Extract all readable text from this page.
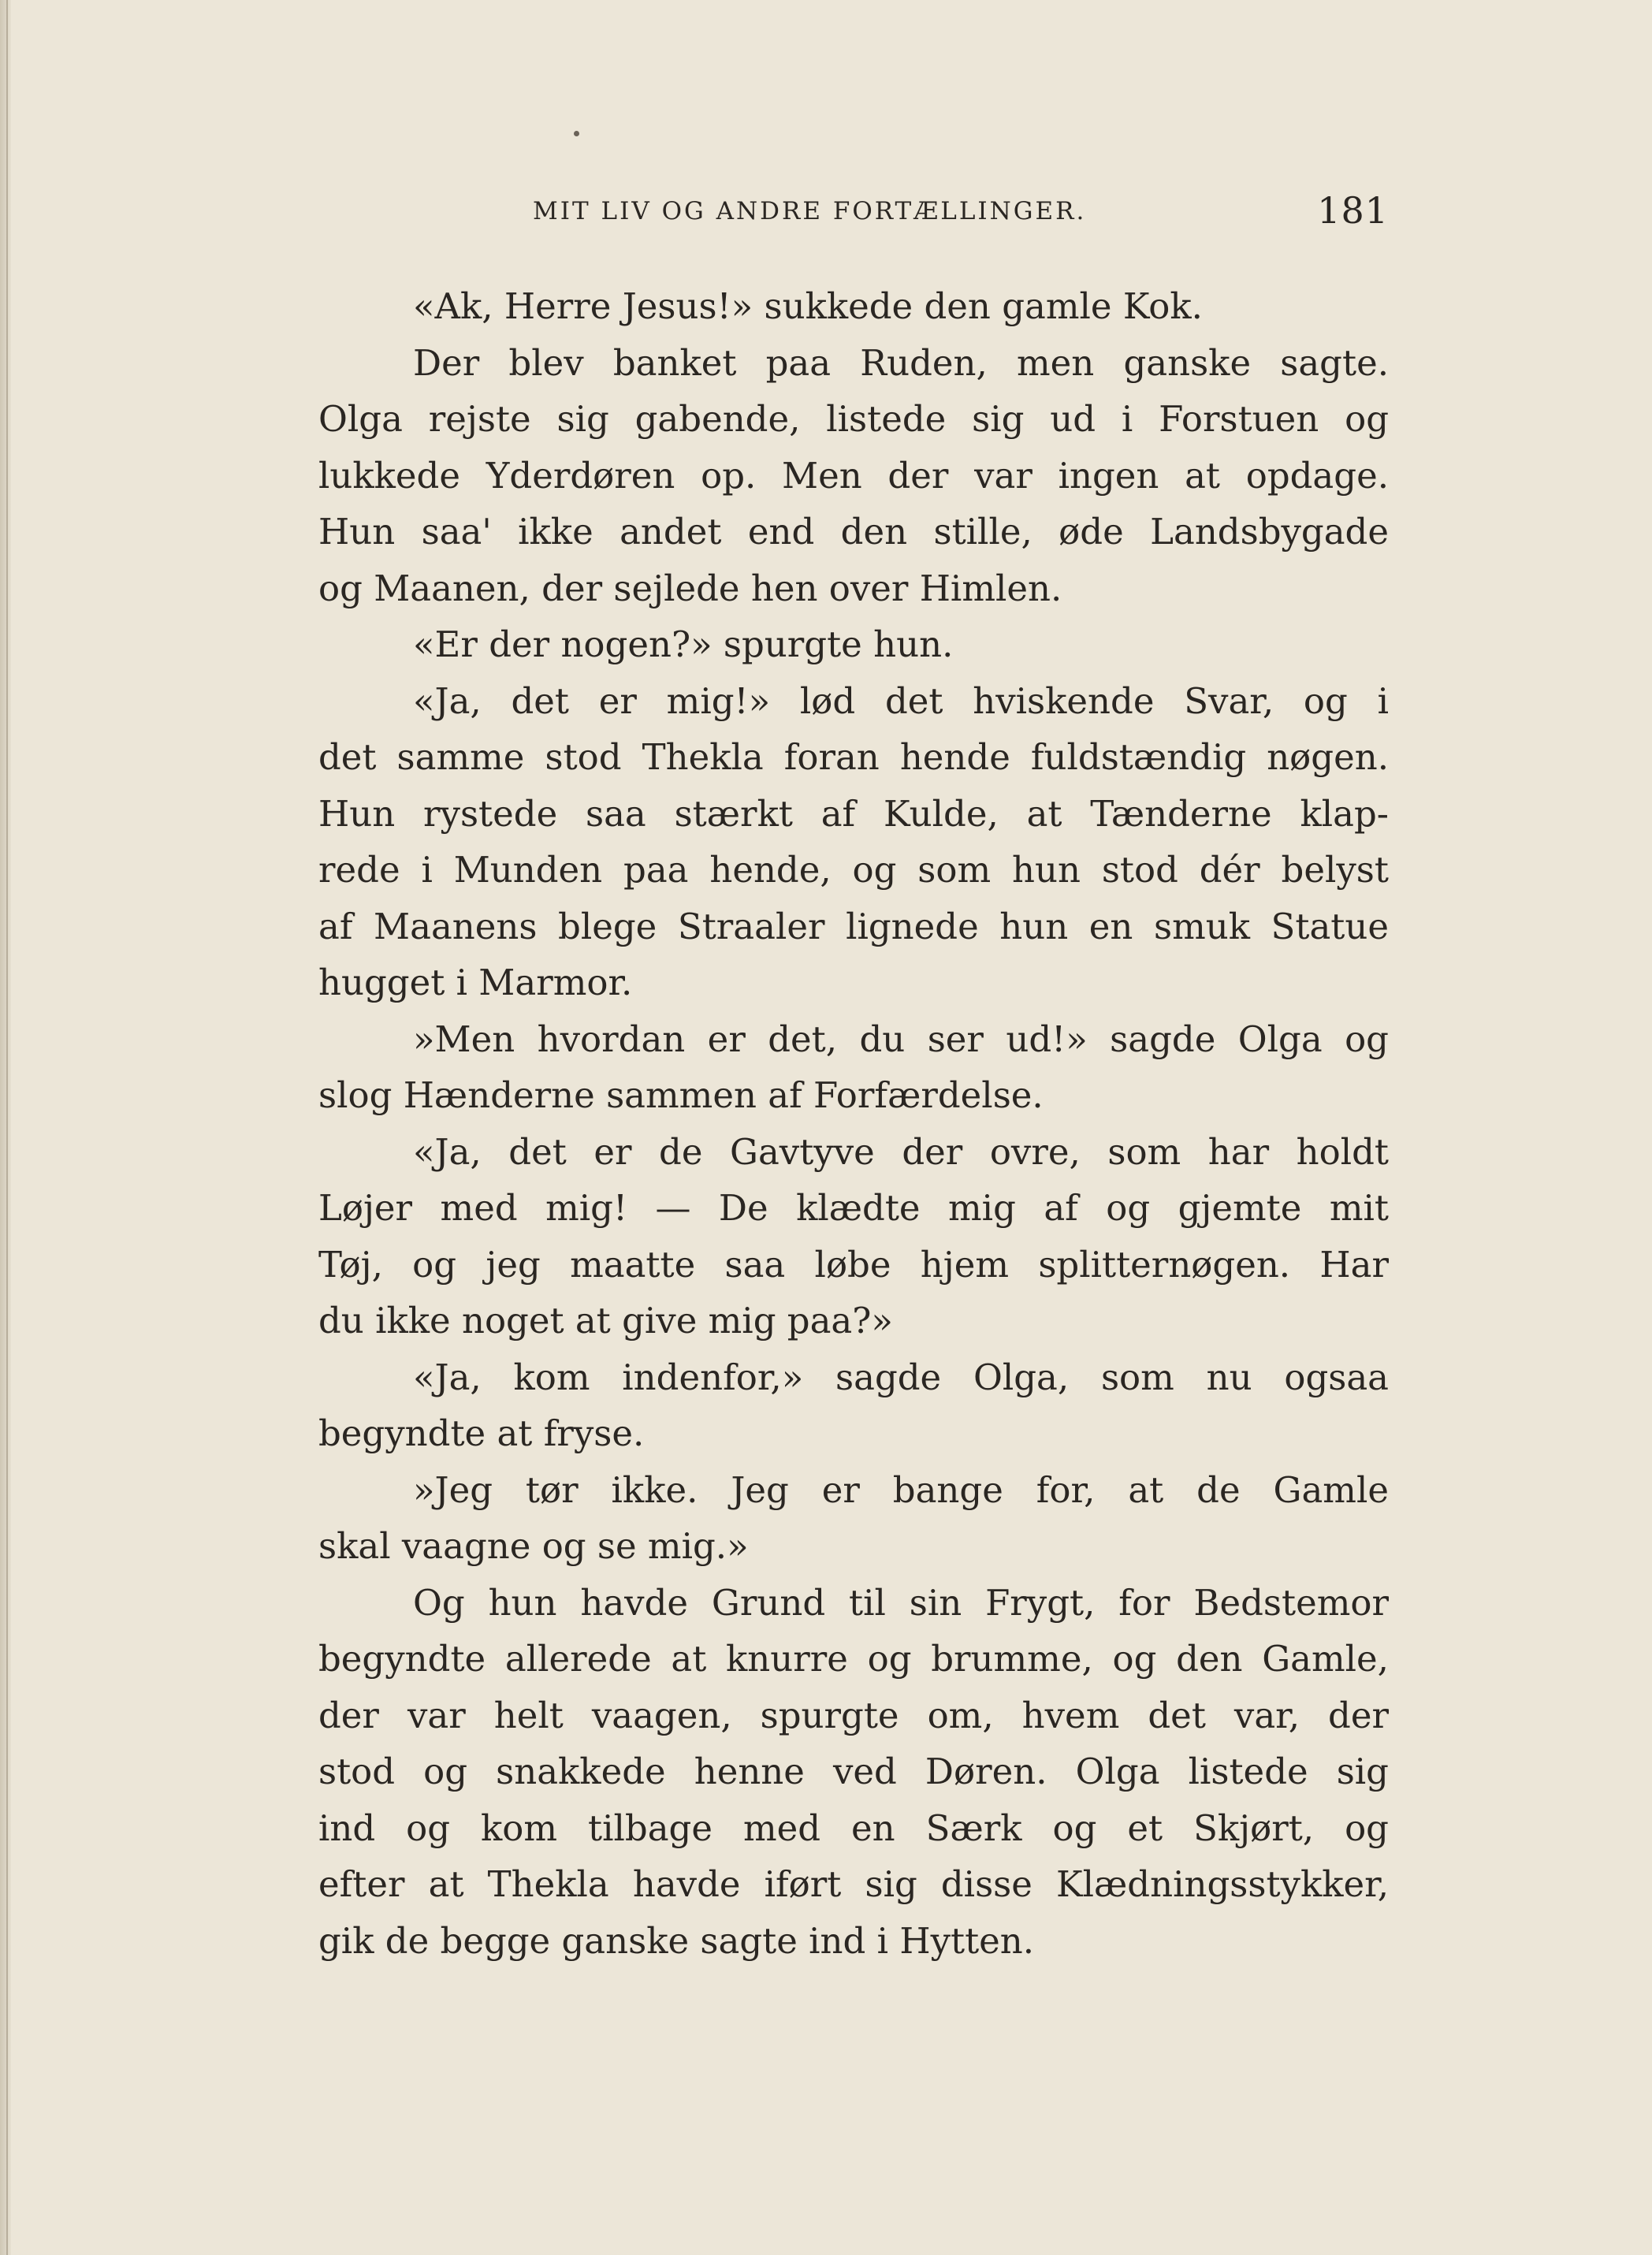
MIT LIV OG ANDRE FORTÆLLINGER.	181
«Ak, Herre Jesus!» sukkede den gamle Kok.
Der blev banket paa Ruden, men ganske sagte.
Olga rejste sig gabende, listede sig ud i Forstuen og
lukkede Yderdøren op. Men der var ingen at opdage.
Hun saa' ikke andet end den stille, øde Landsbygade
og Maanen, der sejlede hen over Himlen.
«Er der nogen?» spurgte hun.
«Ja, det er mig!» lød det hviskende Svar, og i
det samme stod Thekla foran hende fuldstændig nøgen.
Hun rystede saa stærkt af Kulde, at Tænderne klap-
rede i Munden paa hende, og som hun stod dér belyst
af Maanens blege Straaler lignede hun en smuk Statue
hugget i Marmor.
»Men hvordan er det, du ser ud!» sagde Olga og
slog Hænderne sammen af Forfærdelse.
«Ja, det er de Gavtyve der ovre, som har holdt
Løjer med mig! — De klædte mig af og gjemte mit
Tøj, og jeg maatte saa løbe hjem splitternøgen. Har
du ikke noget at give mig paa?»
«Ja, kom indenfor,» sagde Olga, som nu ogsaa
begyndte at fryse.
»Jeg tør ikke. Jeg er bange for, at de Gamle
skal vaagne og se mig.»
Og hun havde Grund til sin Frygt, for Bedstemor
begyndte allerede at knurre og brumme, og den Gamle,
der var helt vaagen, spurgte om, hvem det var, der
stod og snakkede henne ved Døren. Olga listede sig
ind og kom tilbage med en Særk og et Skjørt, og
efter at Thekla havde iført sig disse Klædningsstykker,
gik de begge ganske sagte ind i Hytten.
